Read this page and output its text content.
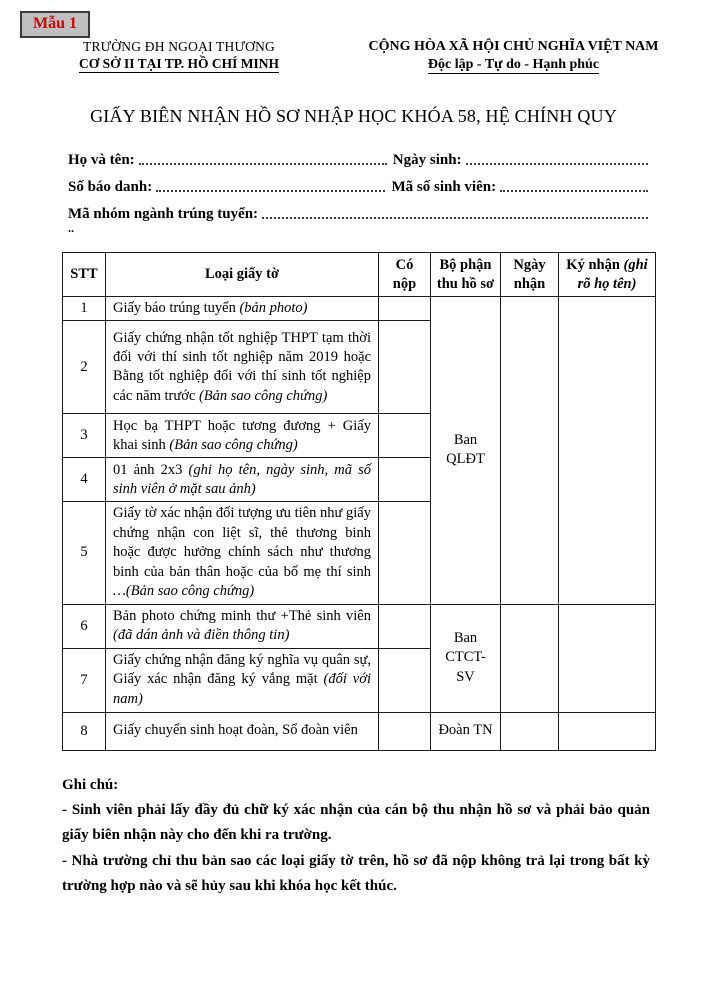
Mẫu 1
TRƯỜNG ĐH NGOẠI THƯƠNG
CƠ SỞ II TẠI TP. HỒ CHÍ MINH
CỘNG HÒA XÃ HỘI CHỦ NGHĨA VIỆT NAM
Độc lập - Tự do - Hạnh phúc
GIẤY BIÊN NHẬN HỒ SƠ NHẬP HỌC KHÓA 58, HỆ CHÍNH QUY
Họ và tên:	Ngày sinh:
Số báo danh:	Mã số sinh viên:
Mã nhóm ngành trúng tuyển:
..
STT	Loại giấy tờ	Có nộp	Bộ phận thu hồ sơ	Ngày nhận	Ký nhận (ghi rõ họ tên)
1	Giấy báo trúng tuyển (bản photo)		Ban QLĐT		
2	Giấy chứng nhận tốt nghiệp THPT tạm thời đối với thí sinh tốt nghiệp năm 2019 hoặc Bằng tốt nghiệp đối với thí sinh tốt nghiệp các năm trước (Bản sao công chứng)				
3	Học bạ THPT hoặc tương đương + Giấy khai sinh (Bản sao công chứng)				
4	01 ảnh 2x3 (ghi họ tên, ngày sinh, mã số sinh viên ở mặt sau ảnh)				
5	Giấy tờ xác nhận đối tượng ưu tiên như giấy chứng nhận con liệt sĩ, thẻ thương binh hoặc được hưởng chính sách như thương binh của bản thân hoặc của bố mẹ thí sinh …(Bản sao công chứng)				
6	Bản photo chứng minh thư +Thẻ sinh viên (đã dán ảnh và điền thông tin)		Ban CTCT-SV		
7	Giấy chứng nhận đăng ký nghĩa vụ quân sự, Giấy xác nhận đăng ký vắng mặt (đối với nam)				
8	Giấy chuyển sinh hoạt đoàn, Sổ đoàn viên		Đoàn TN		

Ghi chú:

- Sinh viên phải lấy đầy đủ chữ ký xác nhận của cán bộ thu nhận hồ sơ và phải bảo quản giấy biên nhận này cho đến khi ra trường.

- Nhà trường chỉ thu bản sao các loại giấy tờ trên, hồ sơ đã nộp không trả lại trong bất kỳ trường hợp nào và sẽ hủy sau khi khóa học kết thúc.
